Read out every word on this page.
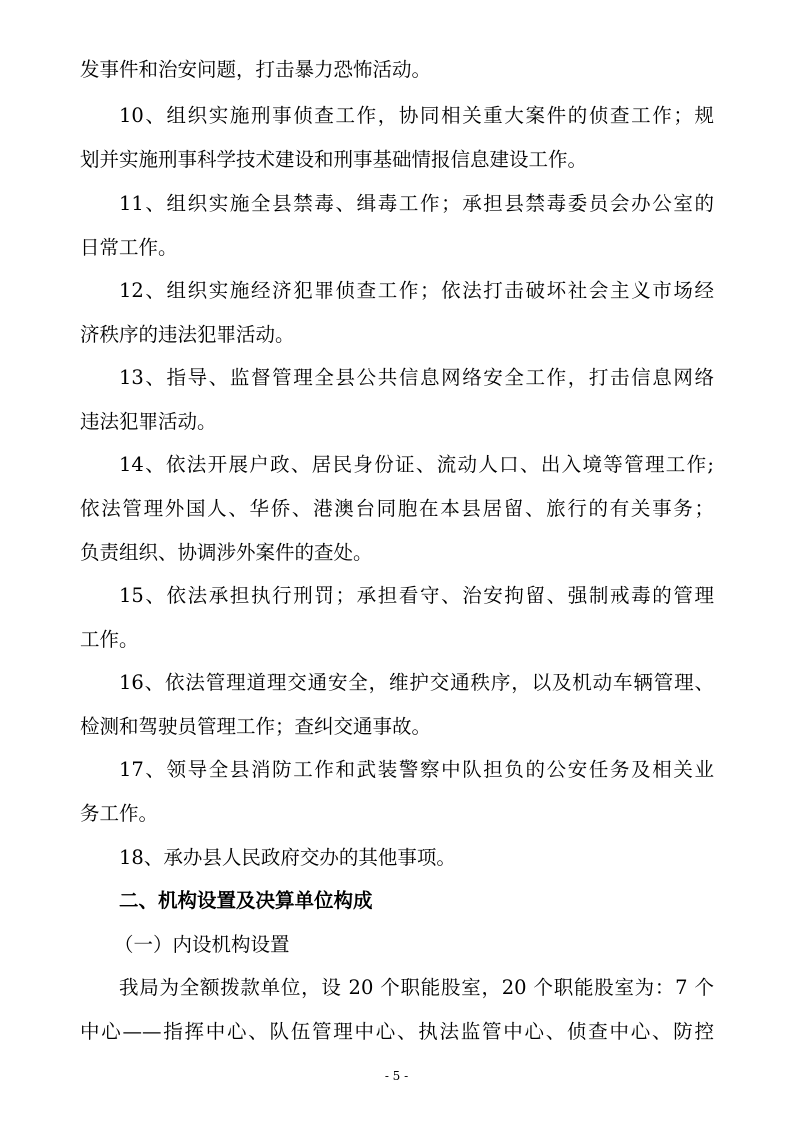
发事件和治安问题，打击暴力恐怖活动。
10、组织实施刑事侦查工作，协同相关重大案件的侦查工作；规
划并实施刑事科学技术建设和刑事基础情报信息建设工作。
11、组织实施全县禁毒、缉毒工作；承担县禁毒委员会办公室的
日常工作。
12、组织实施经济犯罪侦查工作；依法打击破坏社会主义市场经
济秩序的违法犯罪活动。
13、指导、监督管理全县公共信息网络安全工作，打击信息网络
违法犯罪活动。
14、依法开展户政、居民身份证、流动人口、出入境等管理工作;
依法管理外国人、华侨、港澳台同胞在本县居留、旅行的有关事务；
负责组织、协调涉外案件的查处。
15、依法承担执行刑罚；承担看守、治安拘留、强制戒毒的管理
工作。
16、依法管理道理交通安全，维护交通秩序，以及机动车辆管理、
检测和驾驶员管理工作；查纠交通事故。
17、领导全县消防工作和武装警察中队担负的公安任务及相关业
务工作。
18、承办县人民政府交办的其他事项。
二、机构设置及决算单位构成
（一）内设机构设置
我局为全额拨款单位，设 20 个职能股室，20 个职能股室为：7 个
中心——指挥中心、队伍管理中心、执法监管中心、侦查中心、防控
- 5 -
